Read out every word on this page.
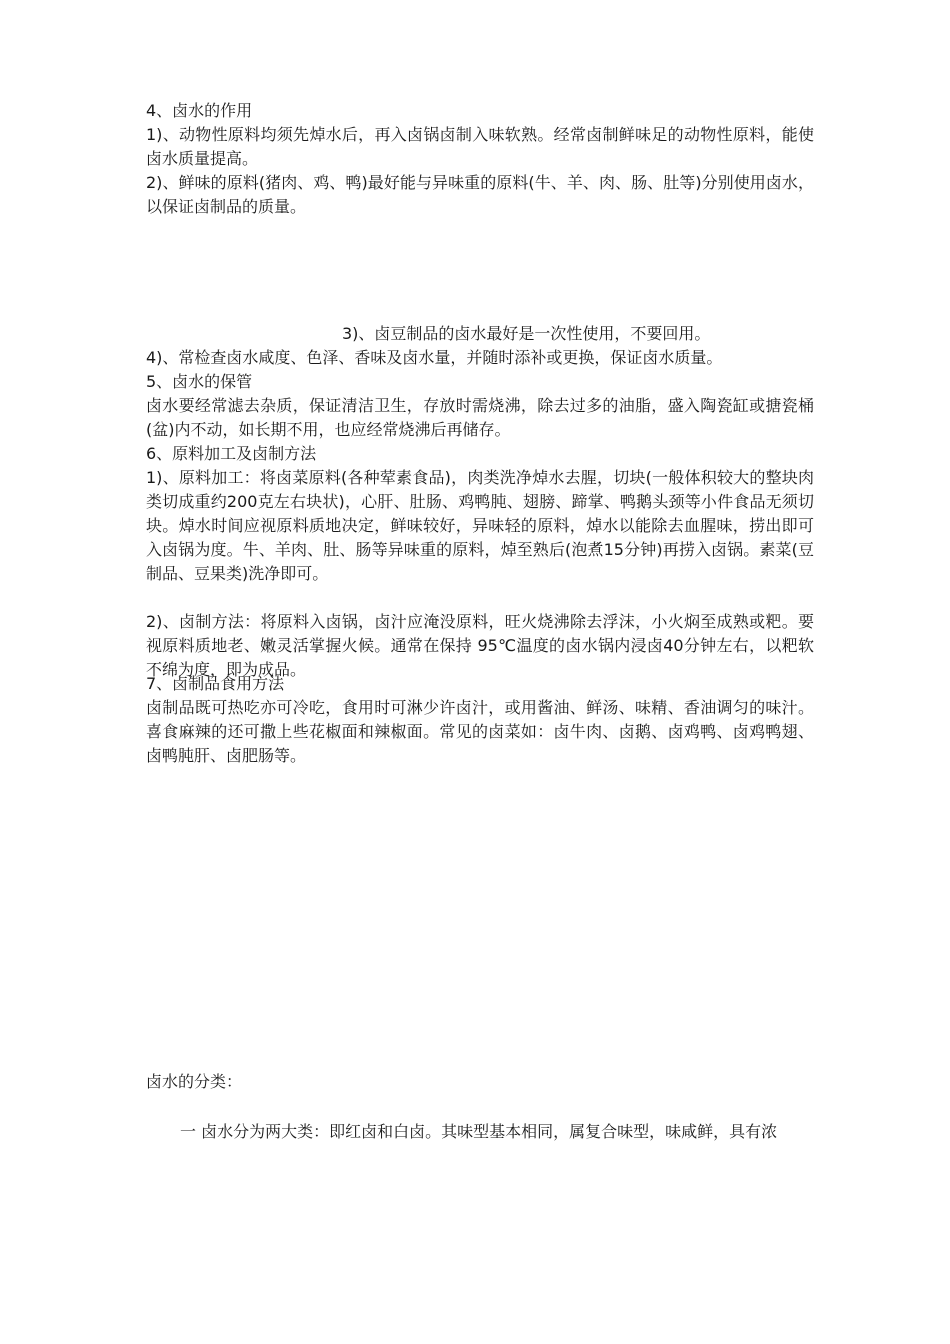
4、卤水的作用

1)、动物性原料均须先焯水后，再入卤锅卤制入味软熟。经常卤制鲜味足的动物性原料，能使卤水质量提高。

2)、鲜味的原料(猪肉、鸡、鸭)最好能与异味重的原料(牛、羊、肉、肠、肚等)分别使用卤水，以保证卤制品的质量。

3)、卤豆制品的卤水最好是一次性使用，不要回用。

4)、常检查卤水咸度、色泽、香味及卤水量，并随时添补或更换，保证卤水质量。

5、卤水的保管

卤水要经常滤去杂质，保证清洁卫生，存放时需烧沸，除去过多的油脂，盛入陶瓷缸或搪瓷桶(盆)内不动，如长期不用，也应经常烧沸后再储存。

6、原料加工及卤制方法

1)、原料加工：将卤菜原料(各种荤素食品)，肉类洗净焯水去腥，切块(一般体积较大的整块肉类切成重约200克左右块状)，心肝、肚肠、鸡鸭肫、翅膀、蹄掌、鸭鹅头颈等小件食品无须切块。焯水时间应视原料质地决定，鲜味较好，异味轻的原料，焯水以能除去血腥味，捞出即可入卤锅为度。牛、羊肉、肚、肠等异味重的原料，焯至熟后(泡煮15分钟)再捞入卤锅。素菜(豆制品、豆果类)洗净即可。

2)、卤制方法：将原料入卤锅，卤汁应淹没原料，旺火烧沸除去浮沫，小火焖至成熟或粑。要视原料质地老、嫩灵活掌握火候。通常在保持 95℃温度的卤水锅内浸卤40分钟左右，以粑软不绵为度，即为成品。

7、卤制品食用方法

卤制品既可热吃亦可冷吃，食用时可淋少许卤汁，或用酱油、鲜汤、味精、香油调匀的味汁。喜食麻辣的还可撒上些花椒面和辣椒面。常见的卤菜如：卤牛肉、卤鹅、卤鸡鸭、卤鸡鸭翅、卤鸭肫肝、卤肥肠等。

卤水的分类：

一 卤水分为两大类：即红卤和白卤。其味型基本相同，属复合味型，味咸鲜，具有浓
